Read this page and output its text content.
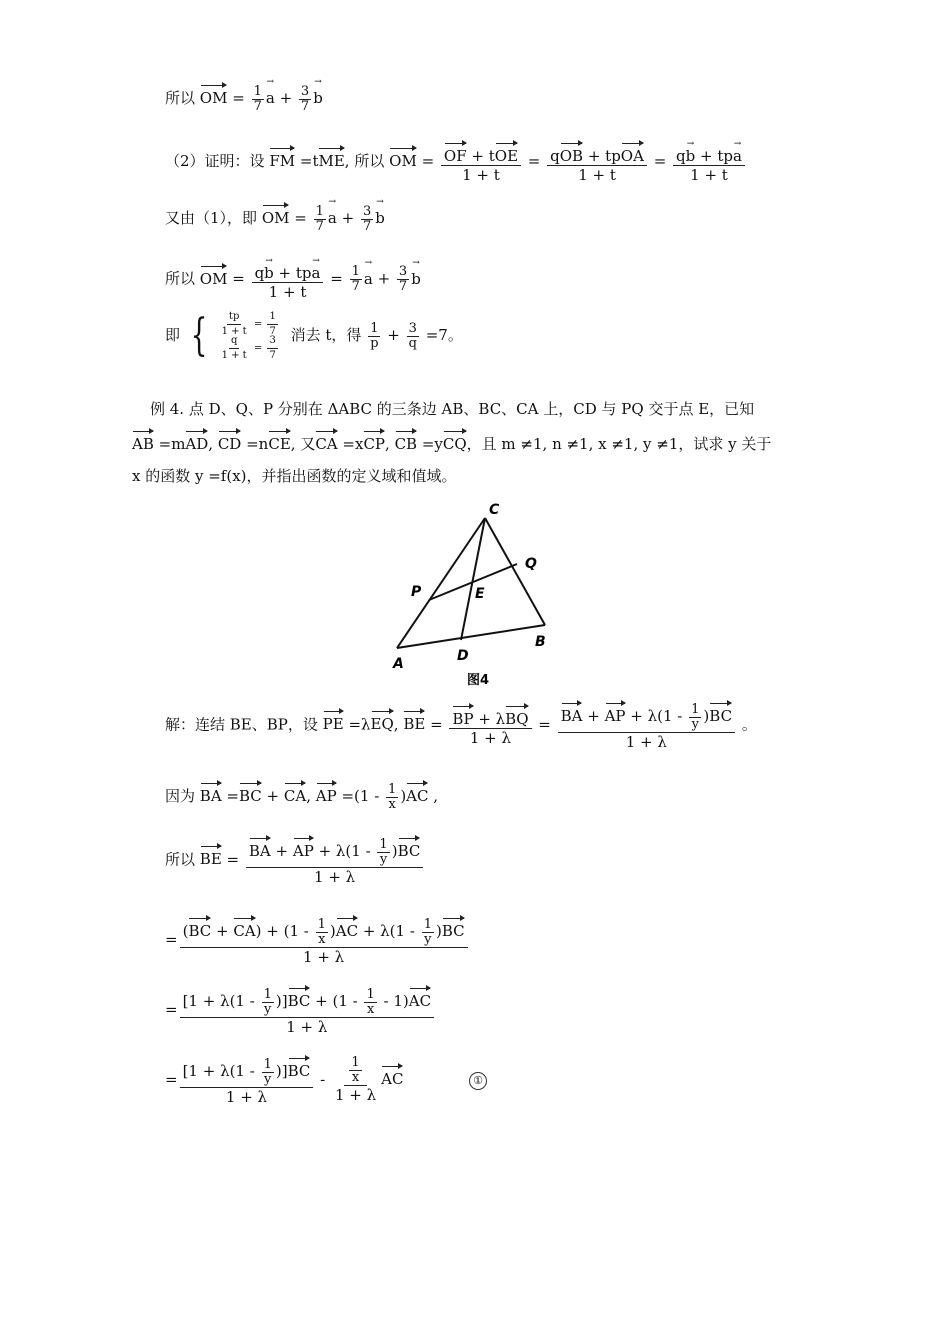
所以 OM = $\frac{1}{7}$ a → + $\frac{3}{7}$ b →
（2）证明：设 FM =tME, 所以 OM = $\frac{\text{OF + tOE}}{1 + t} = \frac{\text{qOB + tpOA}}{1 + t} = \frac{\text{qb → + tpa →}}{1 + t}$
又由（1），即 OM = $\frac{1}{7}$ a → + $\frac{3}{7}$ b →
所以 OM = $\frac{\text{qb → + tpa →}}{1 + t} = \frac{1}{7}$ a → + $\frac{3}{7}$ b →
即 { $\frac{tp}{1 + t} = \frac{1}{7}$
$\frac{q}{1 + t} = \frac{3}{7}$ 消去 t，得 $\frac{1}{p} + \frac{3}{q} =7$。
例 4. 点 D、Q、P 分别在 ΔABC 的三条边 AB、BC、CA 上，CD 与 PQ 交于点 E，已知
AB =mAD, CD =nCE, 又CA =xCP, CB =yCQ，且 m ≠1, n ≠1, x ≠1, y ≠1，试求 y 关于
x 的函数 y =f(x)，并指出函数的定义域和值域。
C
Q
P	E
B
D
A
图4
解：连结 BE、BP，设 PE =λEQ, BE = $\frac{\text{BP + λBQ}}{1 + \lambda} = \frac{BA + AP + \lambda(1 - \frac{1}{y} )BC}{1 + \lambda}$ 。
因为 BA =BC + CA, AP $=(1 - \frac{1}{x} )AC$ ,
所以 BE = $\frac{BA + AP + \lambda(1 - \frac{1}{y} )BC}{1 + \lambda}$
= $\frac{(BC + CA) + (1 - \frac{1}{x} )AC + \lambda(1 - \frac{1}{y} )BC}{1 + \lambda}$
= $\frac{[1 + \lambda(1 - \frac{1}{y} )]BC + (1 - \frac{1}{x} - 1)AC}{1 + \lambda}$
= $\frac{[1 + \lambda(1 - \frac{1}{y} )]BC}{1 + \lambda} - \frac{\frac{1}{x}}{1 + \lambda}$ AC	①
